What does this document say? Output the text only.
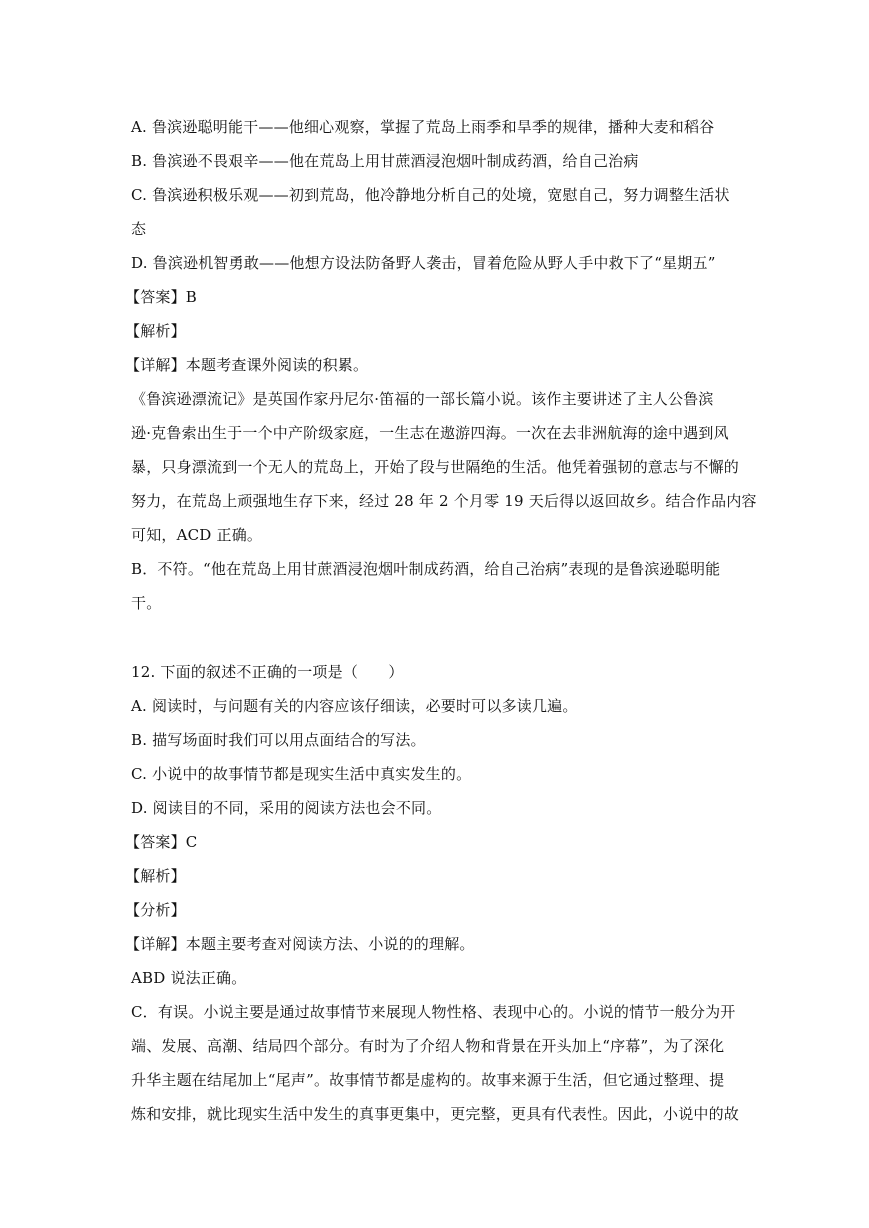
A. 鲁滨逊聪明能干——他细心观察，掌握了荒岛上雨季和旱季的规律，播种大麦和稻谷
B. 鲁滨逊不畏艰辛——他在荒岛上用甘蔗酒浸泡烟叶制成药酒，给自己治病
C. 鲁滨逊积极乐观——初到荒岛，他冷静地分析自己的处境，宽慰自己，努力调整生活状
态
D. 鲁滨逊机智勇敢——他想方设法防备野人袭击，冒着危险从野人手中救下了“星期五”
【答案】B
【解析】
【详解】本题考查课外阅读的积累。
《鲁滨逊漂流记》是英国作家丹尼尔·笛福的一部长篇小说。该作主要讲述了主人公鲁滨
逊·克鲁索出生于一个中产阶级家庭，一生志在遨游四海。一次在去非洲航海的途中遇到风
暴，只身漂流到一个无人的荒岛上，开始了段与世隔绝的生活。他凭着强韧的意志与不懈的
努力，在荒岛上顽强地生存下来，经过 28 年 2 个月零 19 天后得以返回故乡。结合作品内容
可知，ACD 正确。
B．不符。“他在荒岛上用甘蔗酒浸泡烟叶制成药酒，给自己治病”表现的是鲁滨逊聪明能
干。
12. 下面的叙述不正确的一项是（　　）
A. 阅读时，与问题有关的内容应该仔细读，必要时可以多读几遍。
B. 描写场面时我们可以用点面结合的写法。
C. 小说中的故事情节都是现实生活中真实发生的。
D. 阅读目的不同，采用的阅读方法也会不同。
【答案】C
【解析】
【分析】
【详解】本题主要考查对阅读方法、小说的的理解。
ABD 说法正确。
C．有误。小说主要是通过故事情节来展现人物性格、表现中心的。小说的情节一般分为开
端、发展、高潮、结局四个部分。有时为了介绍人物和背景在开头加上“序幕”，为了深化
升华主题在结尾加上“尾声”。故事情节都是虚构的。故事来源于生活，但它通过整理、提
炼和安排，就比现实生活中发生的真事更集中，更完整，更具有代表性。因此，小说中的故
